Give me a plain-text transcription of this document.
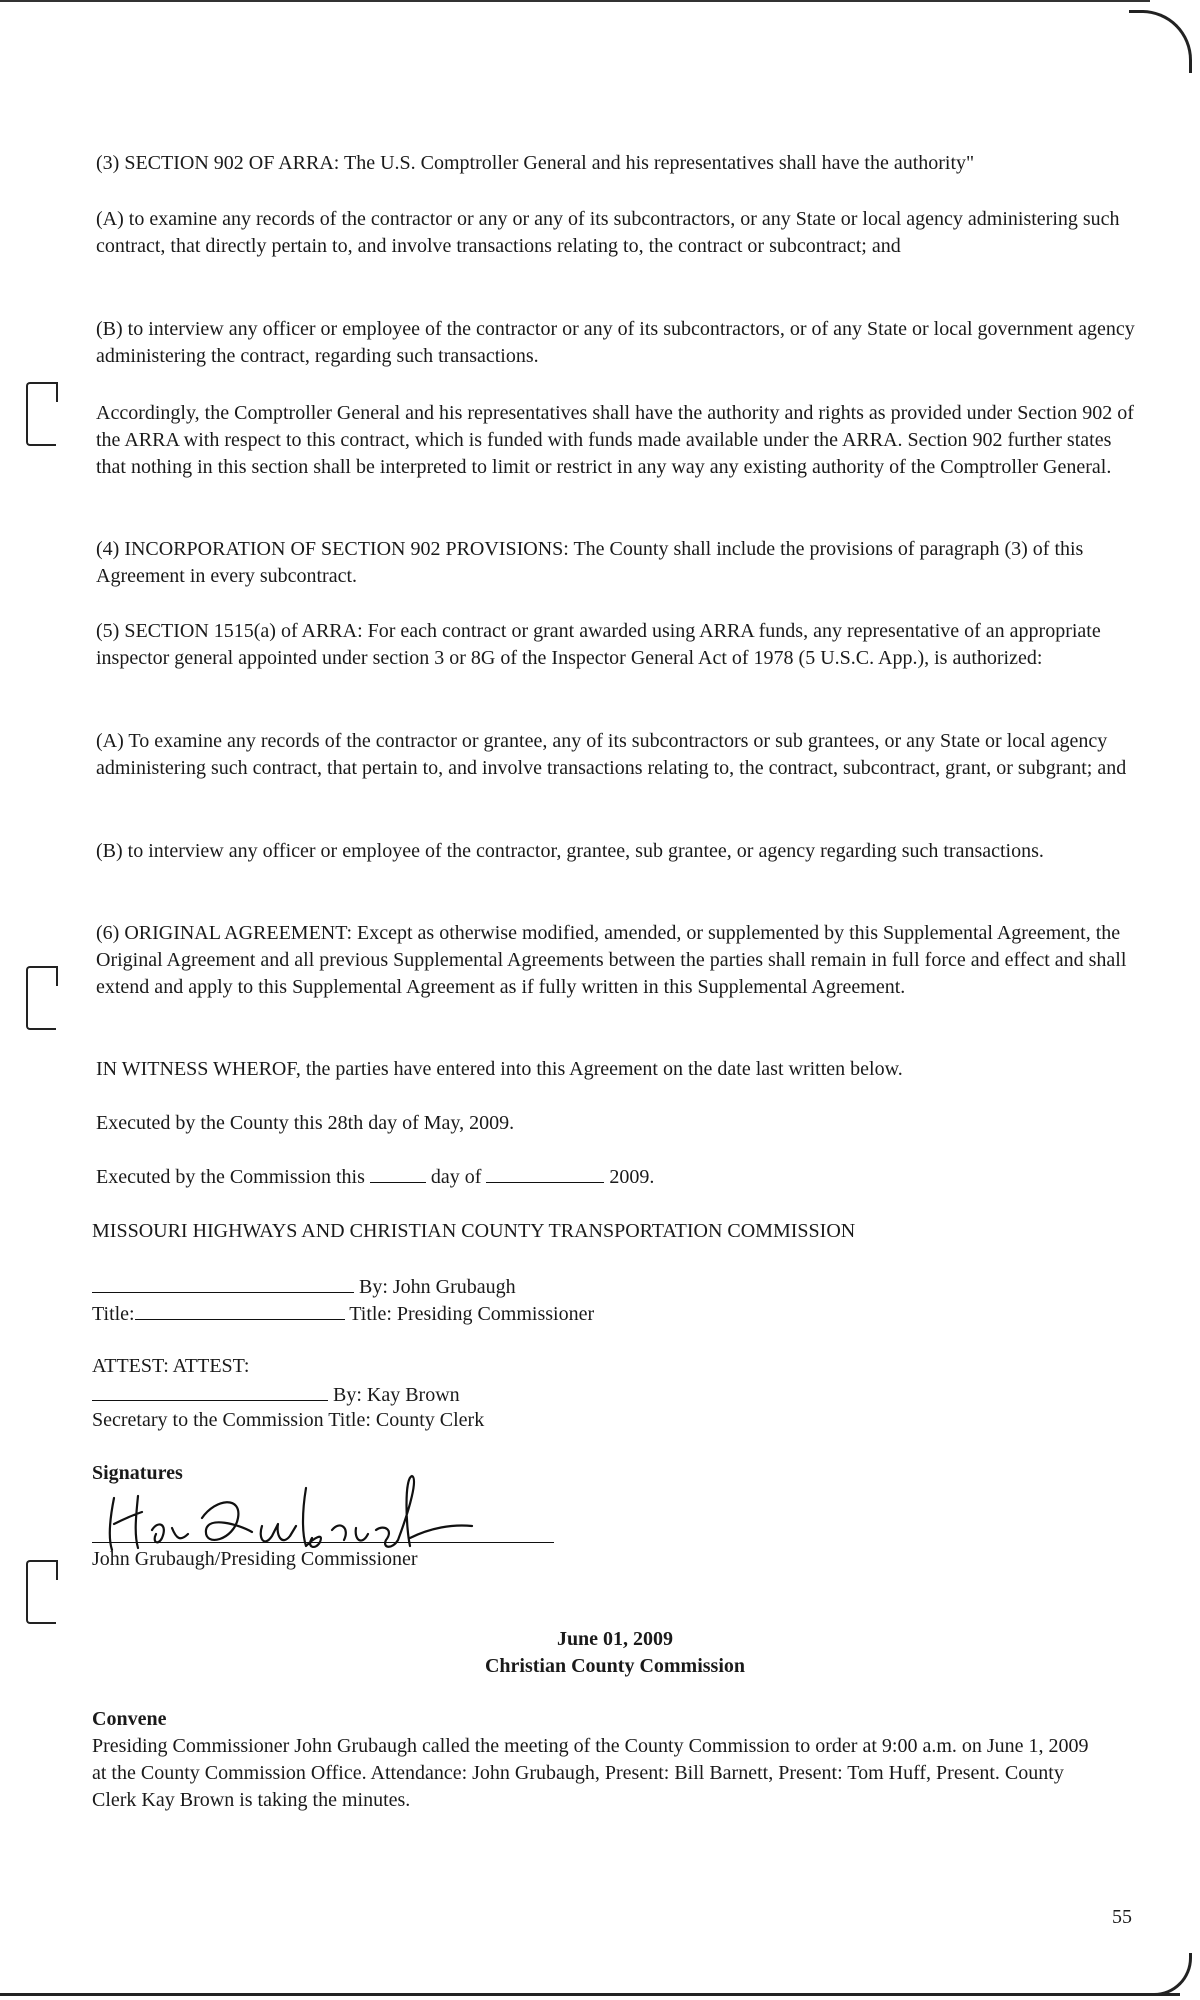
(3) SECTION 902 OF ARRA: The U.S. Comptroller General and his representatives shall have the authority"

(A) to examine any records of the contractor or any or any of its subcontractors, or any State or local agency administering such contract, that directly pertain to, and involve transactions relating to, the contract or subcontract; and

(B) to interview any officer or employee of the contractor or any of its subcontractors, or of any State or local government agency administering the contract, regarding such transactions.

Accordingly, the Comptroller General and his representatives shall have the authority and rights as provided under Section 902 of the ARRA with respect to this contract, which is funded with funds made available under the ARRA. Section 902 further states that nothing in this section shall be interpreted to limit or restrict in any way any existing authority of the Comptroller General.

(4) INCORPORATION OF SECTION 902 PROVISIONS: The County shall include the provisions of paragraph (3) of this Agreement in every subcontract.

(5) SECTION 1515(a) of ARRA: For each contract or grant awarded using ARRA funds, any representative of an appropriate inspector general appointed under section 3 or 8G of the Inspector General Act of 1978 (5 U.S.C. App.), is authorized:

(A) To examine any records of the contractor or grantee, any of its subcontractors or sub grantees, or any State or local agency administering such contract, that pertain to, and involve transactions relating to, the contract, subcontract, grant, or subgrant; and

(B) to interview any officer or employee of the contractor, grantee, sub grantee, or agency regarding such transactions.

(6) ORIGINAL AGREEMENT: Except as otherwise modified, amended, or supplemented by this Supplemental Agreement, the Original Agreement and all previous Supplemental Agreements between the parties shall remain in full force and effect and shall extend and apply to this Supplemental Agreement as if fully written in this Supplemental Agreement.

IN WITNESS WHEROF, the parties have entered into this Agreement on the date last written below.

Executed by the County this 28th day of May, 2009.

Executed by the Commission this	day of	2009.
MISSOURI HIGHWAYS AND CHRISTIAN COUNTY TRANSPORTATION COMMISSION
By: John Grubaugh
Title:	Title: Presiding Commissioner
ATTEST: ATTEST:
By: Kay Brown
Secretary to the Commission Title: County Clerk
Signatures
John Grubaugh/Presiding Commissioner
June 01, 2009
Christian County Commission
Convene

Presiding Commissioner John Grubaugh called the meeting of the County Commission to order at 9:00 a.m. on June 1, 2009 at the County Commission Office. Attendance: John Grubaugh, Present: Bill Barnett, Present: Tom Huff, Present. County Clerk Kay Brown is taking the minutes.

55
